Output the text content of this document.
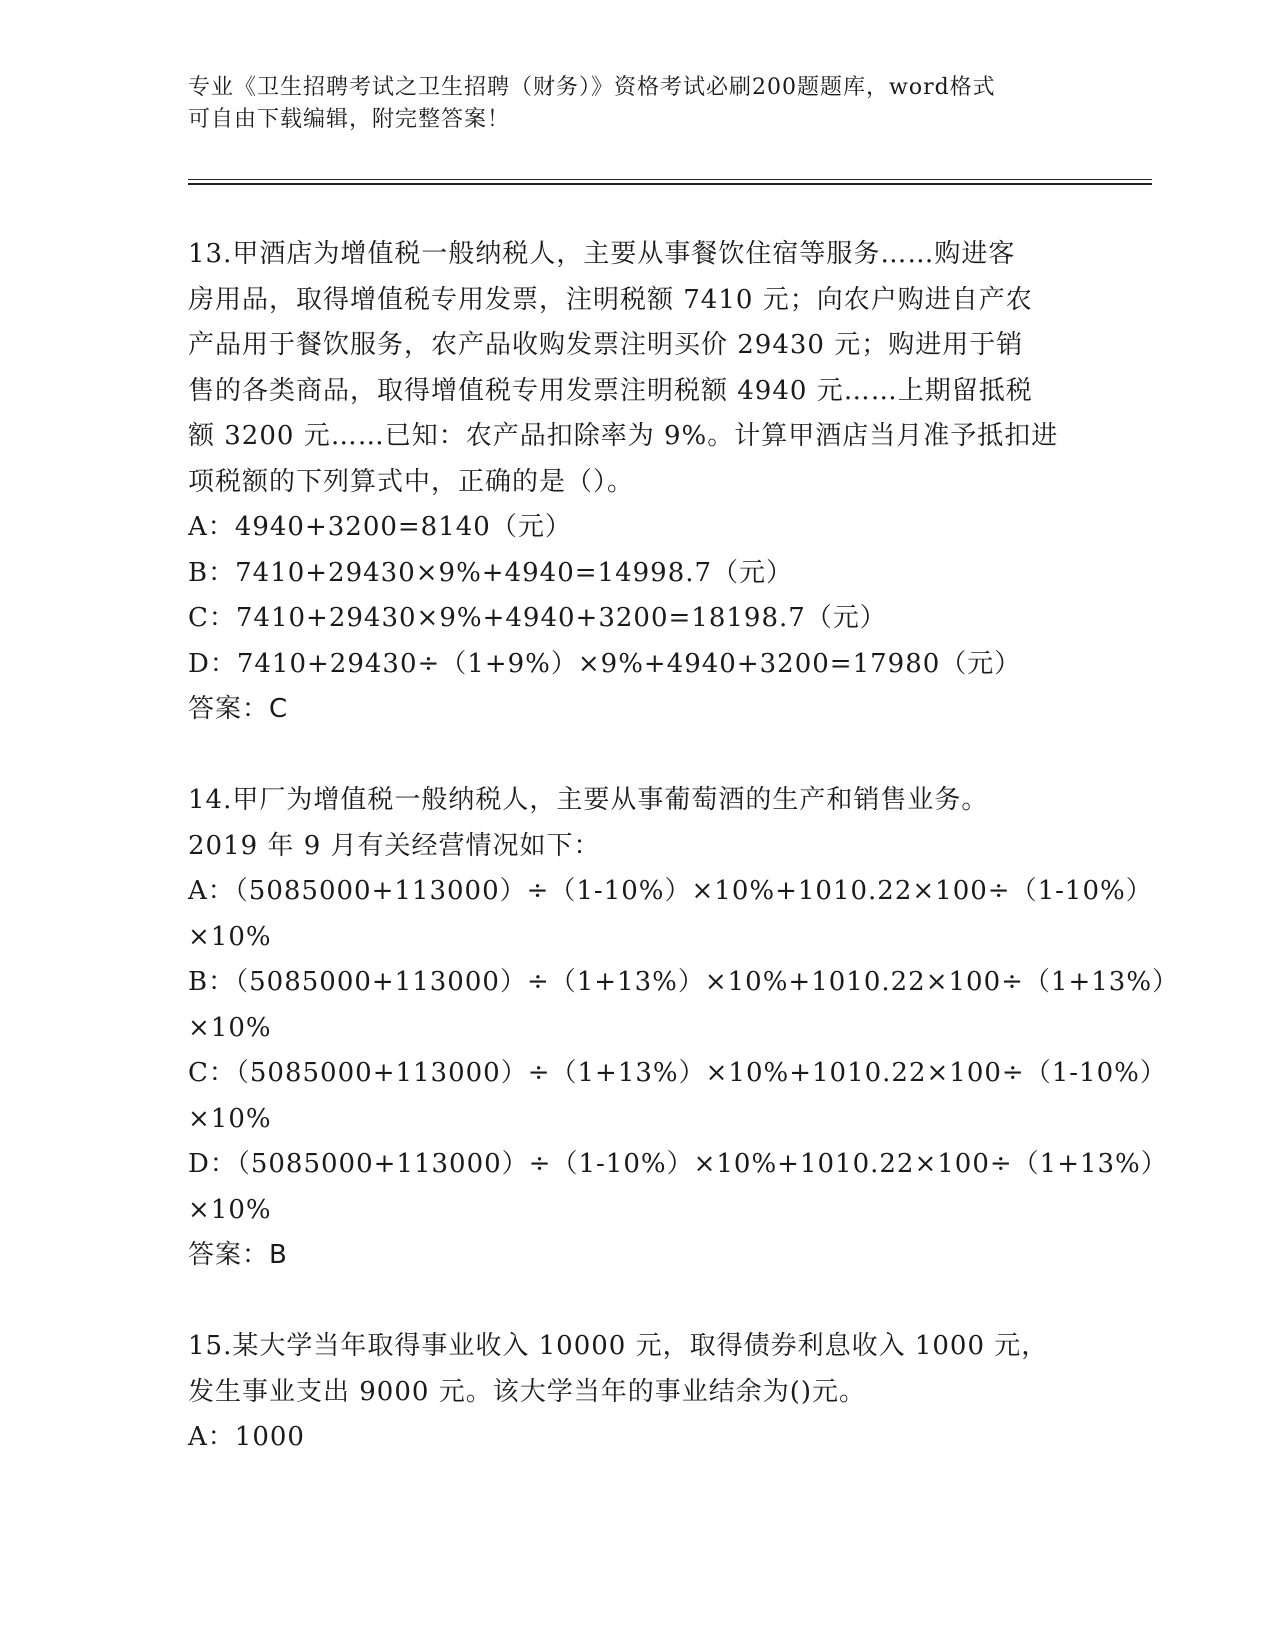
专业《卫生招聘考试之卫生招聘（财务）》资格考试必刷200题题库，word格式
可自由下载编辑，附完整答案！
13.甲酒店为增值税一般纳税人，主要从事餐饮住宿等服务……购进客
房用品，取得增值税专用发票，注明税额 7410 元；向农户购进自产农
产品用于餐饮服务，农产品收购发票注明买价 29430 元；购进用于销
售的各类商品，取得增值税专用发票注明税额 4940 元……上期留抵税
额 3200 元……已知：农产品扣除率为 9%。计算甲酒店当月准予抵扣进
项税额的下列算式中，正确的是（）。
A：4940+3200=8140（元）
B：7410+29430×9%+4940=14998.7（元）
C：7410+29430×9%+4940+3200=18198.7（元）
D：7410+29430÷（1+9%）×9%+4940+3200=17980（元）
答案：C
14.甲厂为增值税一般纳税人，主要从事葡萄酒的生产和销售业务。
2019 年 9 月有关经营情况如下：
A：（5085000+113000）÷（1-10%）×10%+1010.22×100÷（1-10%）
×10%
B：（5085000+113000）÷（1+13%）×10%+1010.22×100÷（1+13%）
×10%
C：（5085000+113000）÷（1+13%）×10%+1010.22×100÷（1-10%）
×10%
D：（5085000+113000）÷（1-10%）×10%+1010.22×100÷（1+13%）
×10%
答案：B
15.某大学当年取得事业收入 10000 元，取得债券利息收入 1000 元，
发生事业支出 9000 元。该大学当年的事业结余为()元。
A：1000
